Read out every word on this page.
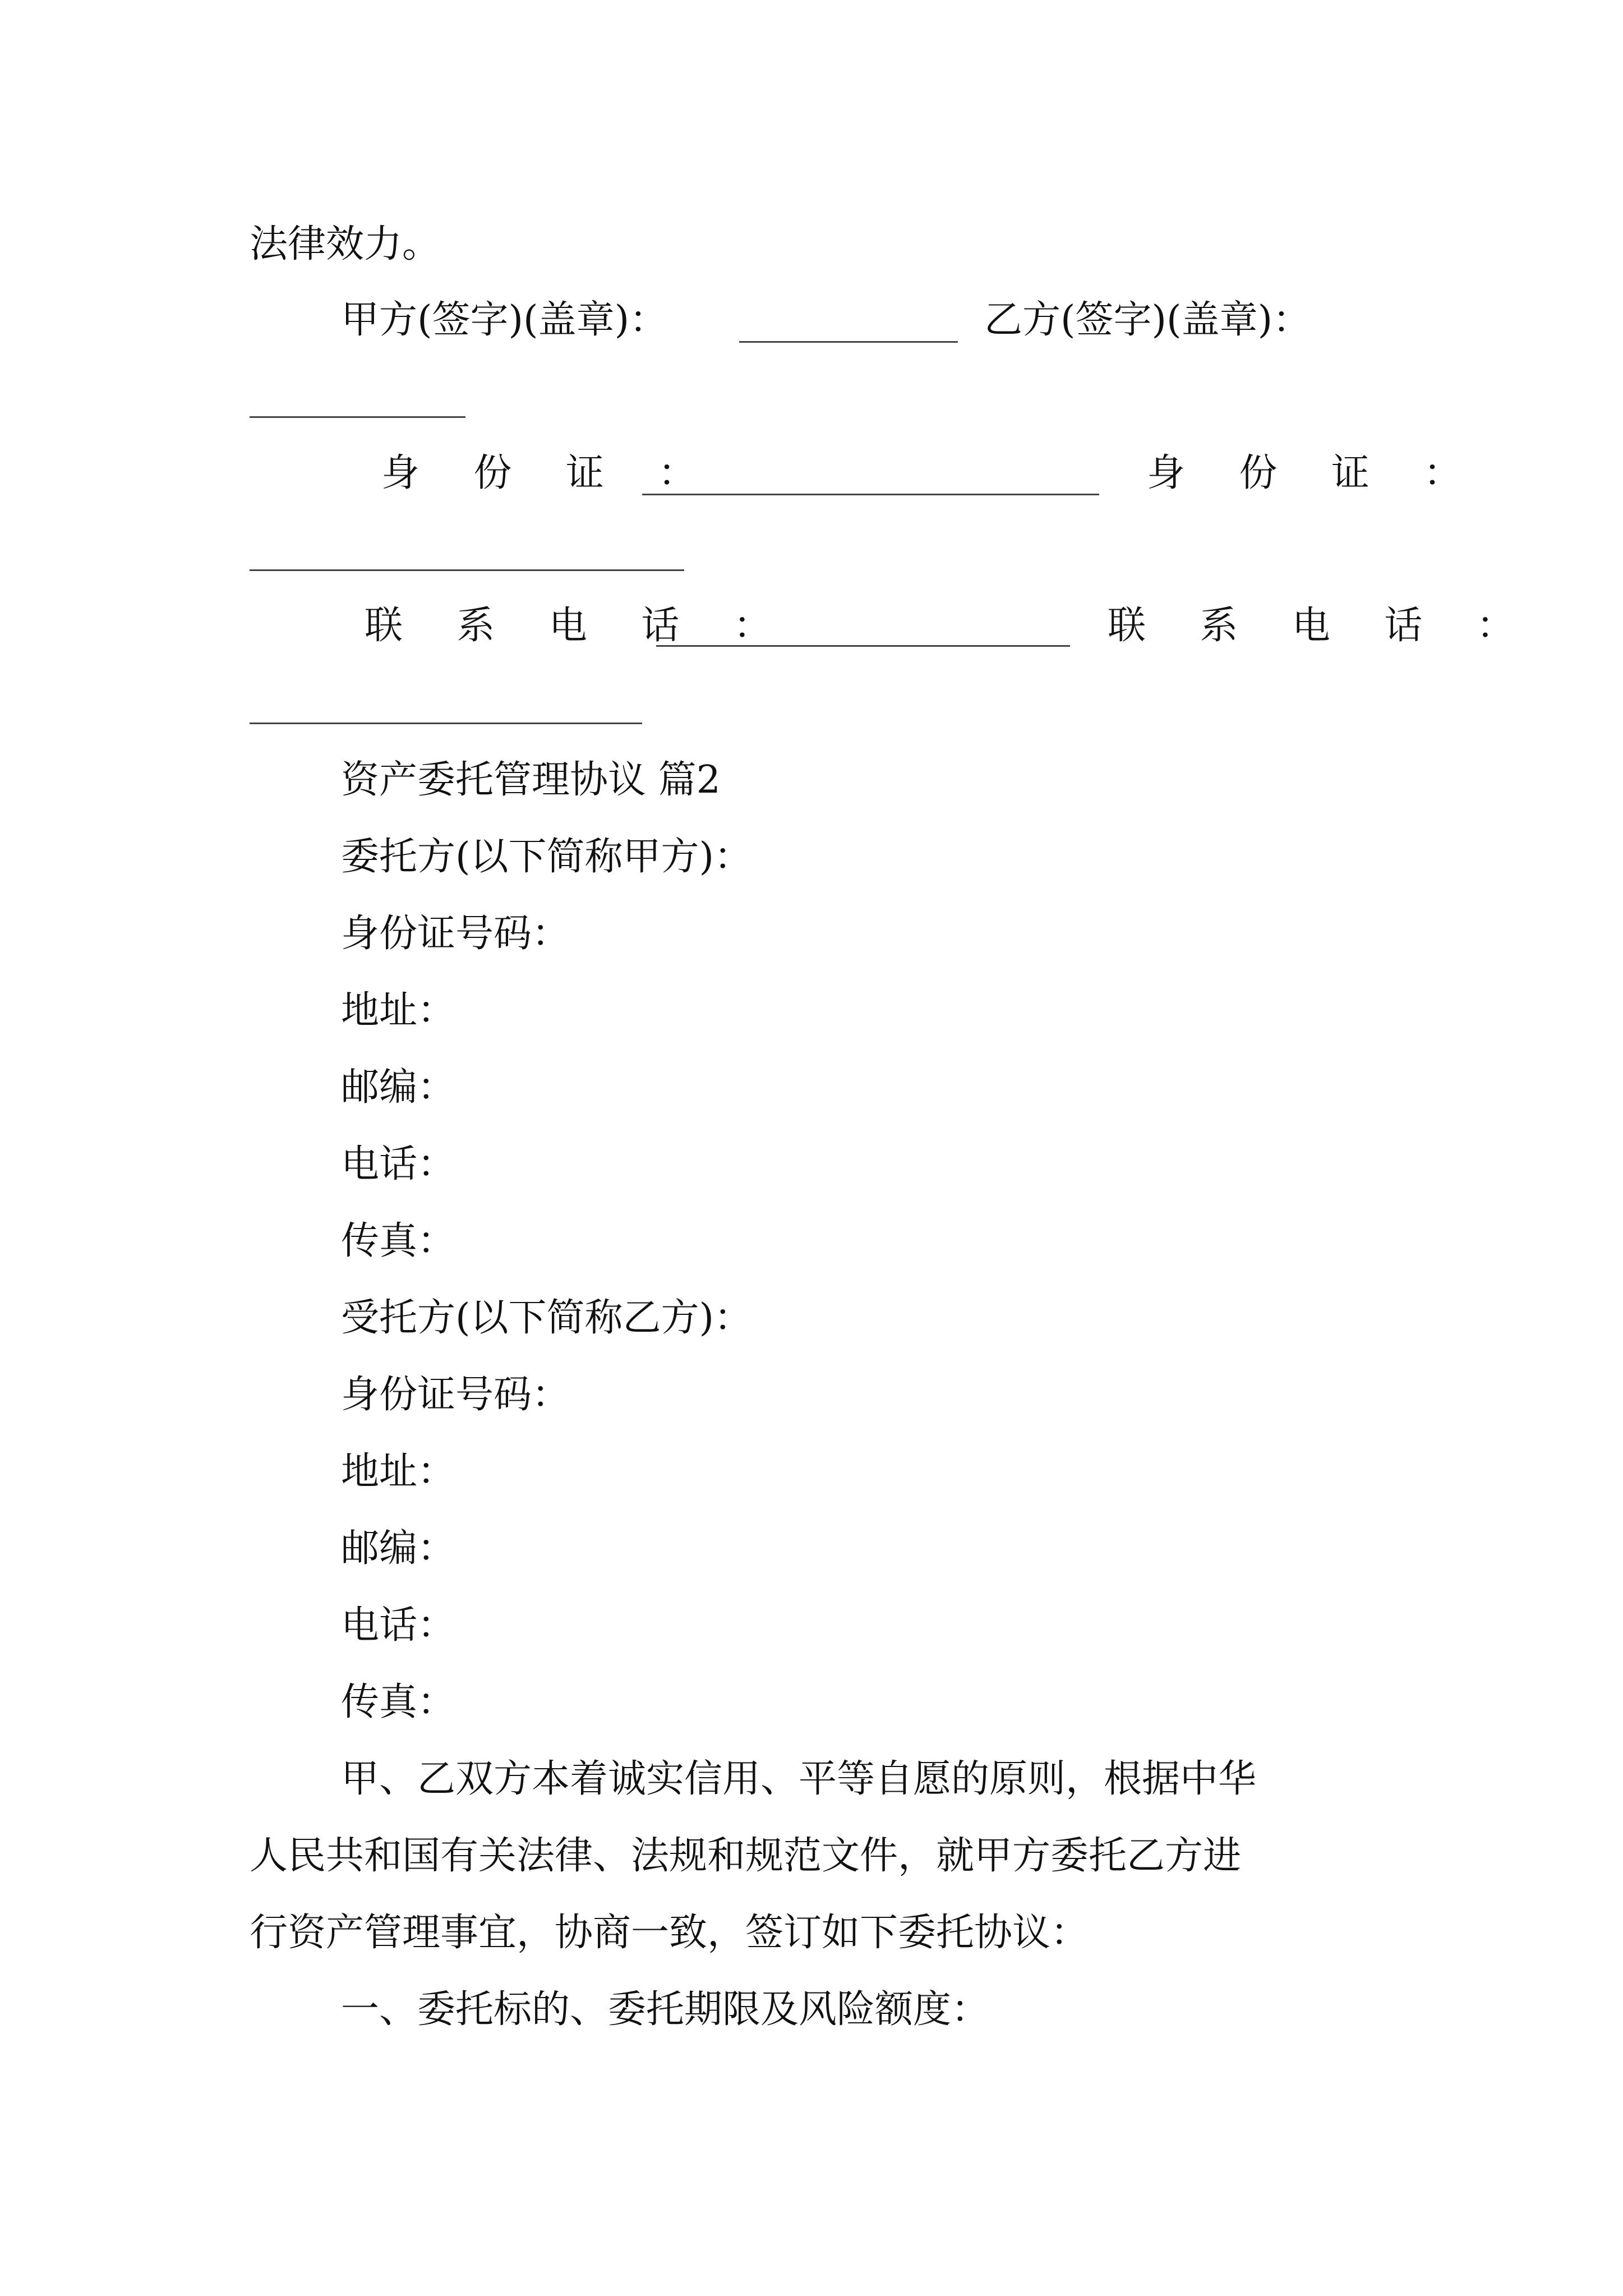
法律效力。
甲方(签字)(盖章)：	乙方(签字)(盖章)：
身 份 证 ：	身 份 证 ：
联 系 电 话 ：	联 系 电 话 ：
资产委托管理协议 篇2
委托方(以下简称甲方)：
身份证号码：
地址：
邮编：
电话：
传真：
受托方(以下简称乙方)：
身份证号码：
地址：
邮编：
电话：
传真：
甲、乙双方本着诚实信用、平等自愿的原则，根据中华
人民共和国有关法律、法规和规范文件，就甲方委托乙方进
行资产管理事宜，协商一致，签订如下委托协议：
一、委托标的、委托期限及风险额度：
